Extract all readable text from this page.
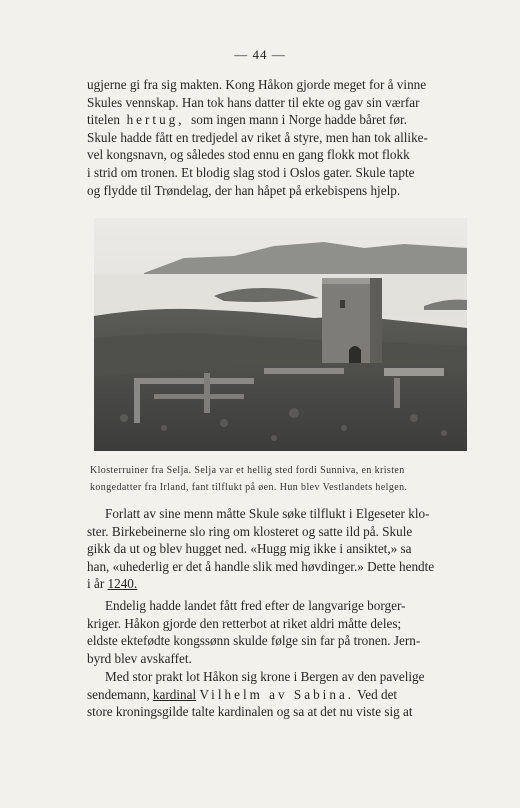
— 44 —

ugjerne gi fra sig makten. Kong Håkon gjorde meget for å vinne

Skules vennskap. Han tok hans datter til ekte og gav sin værfar

titelen hertug, som ingen mann i Norge hadde båret før.

Skule hadde fått en tredjedel av riket å styre, men han tok allike-

vel kongsnavn, og således stod ennu en gang flokk mot flokk

i strid om tronen. Et blodig slag stod i Oslos gater. Skule tapte

og flydde til Trøndelag, der han håpet på erkebispens hjelp.

Klosterruiner fra Selja. Selja var et hellig sted fordi Sunniva, en kristen

kongedatter fra Irland, fant tilflukt på øen. Hun blev Vestlandets helgen.

Forlatt av sine menn måtte Skule søke tilflukt i Elgeseter klo-

ster. Birkebeinerne slo ring om klosteret og satte ild på. Skule

gikk da ut og blev hugget ned. «Hugg mig ikke i ansiktet,» sa

han, «uhederlig er det å handle slik med høvdinger.» Dette hendte

i år 1240.

Endelig hadde landet fått fred efter de langvarige borger-

kriger. Håkon gjorde den retterbot at riket aldri måtte deles;

eldste ektefødte kongssønn skulde følge sin far på tronen. Jern-

byrd blev avskaffet.

Med stor prakt lot Håkon sig krone i Bergen av den pavelige

sendemann, kardinal Vilhelm av Sabina. Ved det

store kroningsgilde talte kardinalen og sa at det nu viste sig at
